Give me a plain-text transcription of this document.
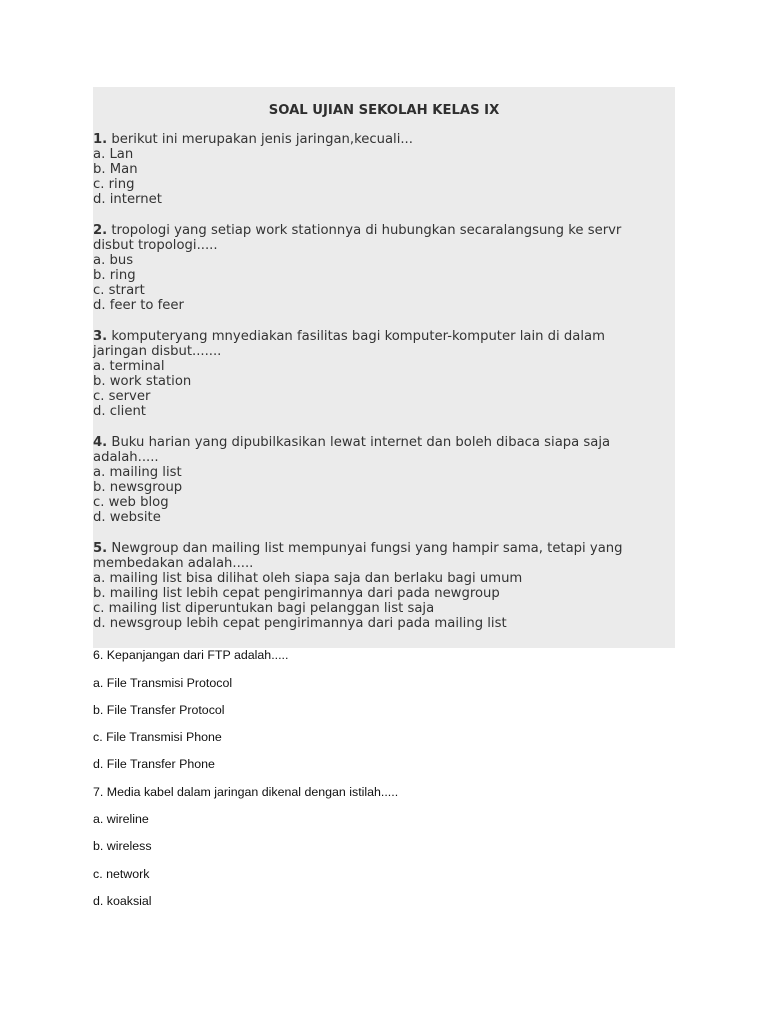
SOAL UJIAN SEKOLAH KELAS IX
1. berikut ini merupakan jenis jaringan,kecuali...
a. Lan
b. Man
c. ring
d. internet
2. tropologi yang setiap work stationnya di hubungkan secaralangsung ke servr
disbut tropologi.....
a. bus
b. ring
c. strart
d. feer to feer
3. komputeryang mnyediakan fasilitas bagi komputer-komputer lain di dalam
jaringan disbut.......
a. terminal
b. work station
c. server
d. client
4. Buku harian yang dipubilkasikan lewat internet dan boleh dibaca siapa saja
adalah.....
a. mailing list
b. newsgroup
c. web blog
d. website
5. Newgroup dan mailing list mempunyai fungsi yang hampir sama, tetapi yang
membedakan adalah.....
a. mailing list bisa dilihat oleh siapa saja dan berlaku bagi umum
b. mailing list lebih cepat pengirimannya dari pada newgroup
c. mailing list diperuntukan bagi pelanggan list saja
d. newsgroup lebih cepat pengirimannya dari pada mailing list
6. Kepanjangan dari FTP adalah.....
a. File Transmisi Protocol
b. File Transfer Protocol
c. File Transmisi Phone
d. File Transfer Phone
7. Media kabel dalam jaringan dikenal dengan istilah.....
a. wireline
b. wireless
c. network
d. koaksial
